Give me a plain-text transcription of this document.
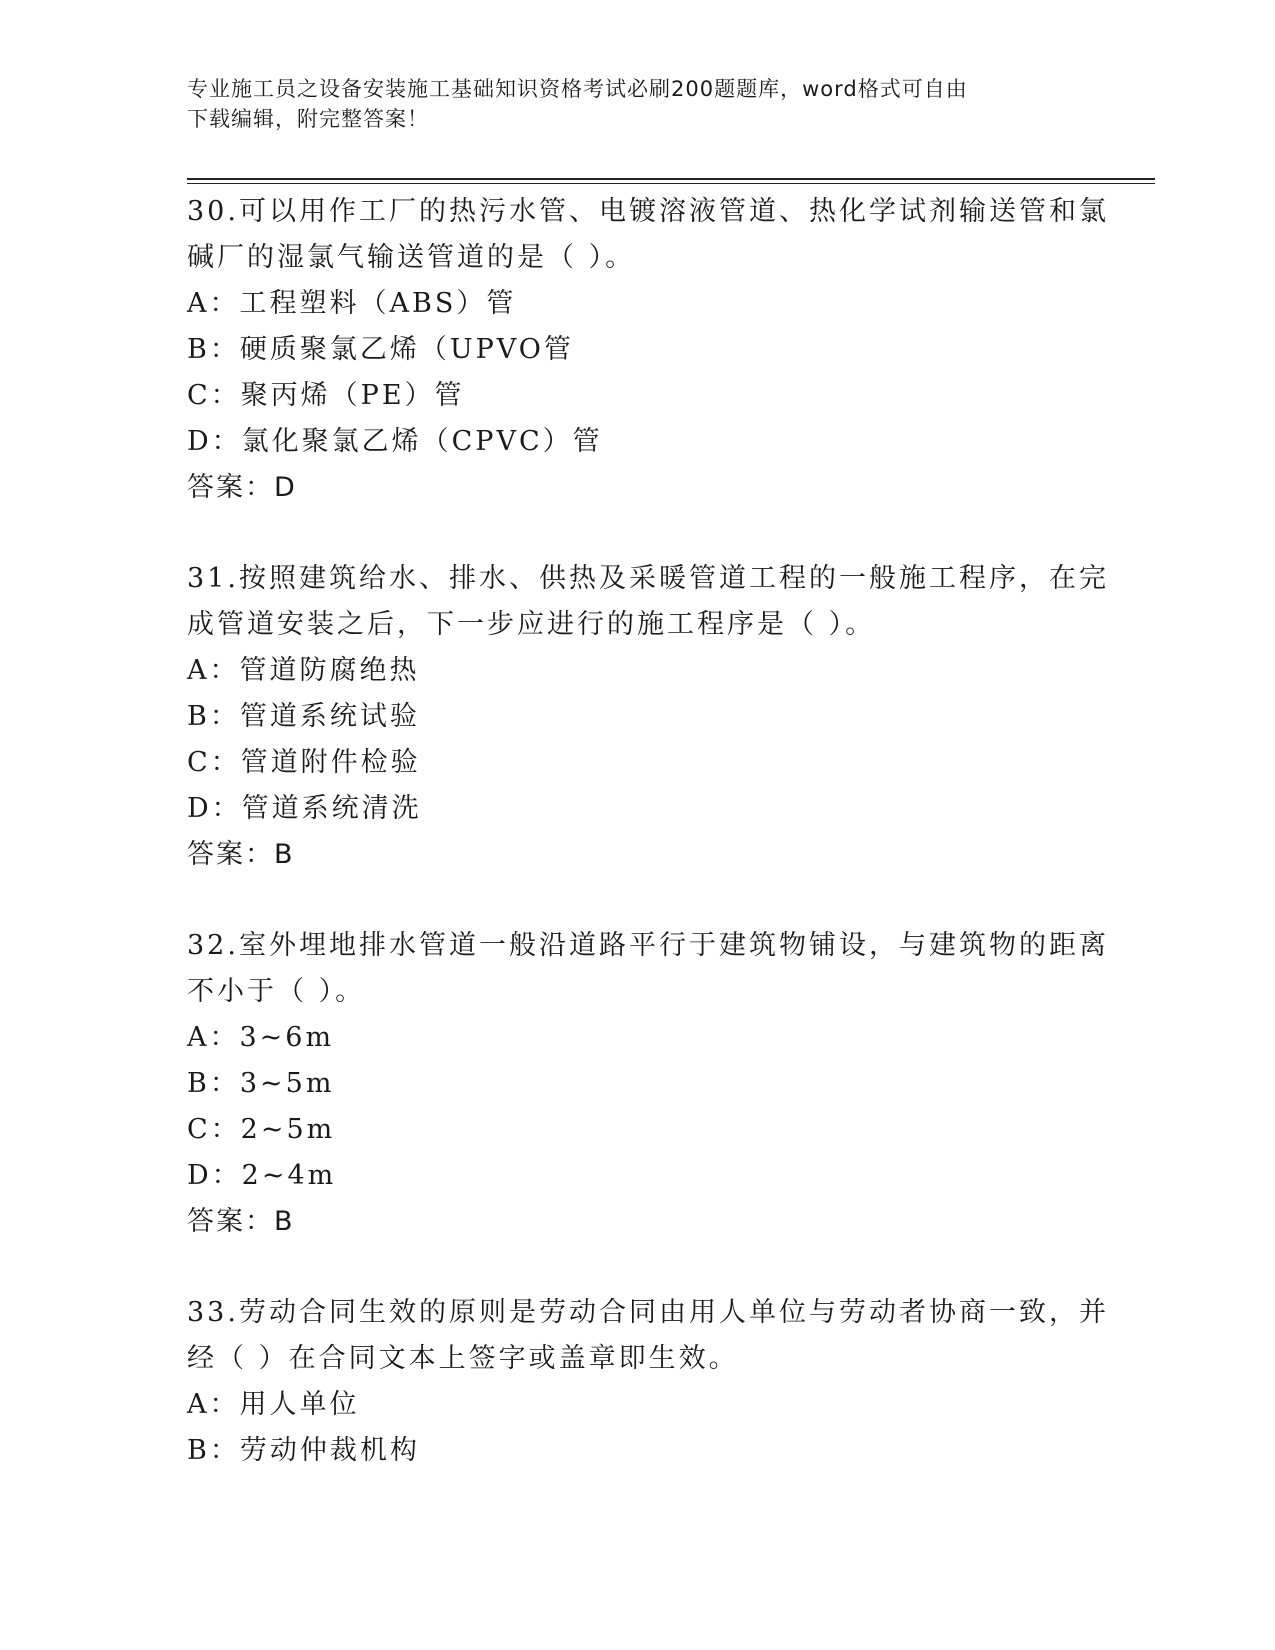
专业施工员之设备安装施工基础知识资格考试必刷200题题库，word格式可自由
下载编辑，附完整答案！
30.可以用作工厂的热污水管、电镀溶液管道、热化学试剂输送管和氯
碱厂的湿氯气输送管道的是（ ）。
A：工程塑料（ABS）管
B：硬质聚氯乙烯（UPVO管
C：聚丙烯（PE）管
D：氯化聚氯乙烯（CPVC）管
答案：D
31.按照建筑给水、排水、供热及采暖管道工程的一般施工程序，在完
成管道安装之后，下一步应进行的施工程序是（ ）。
A：管道防腐绝热
B：管道系统试验
C：管道附件检验
D：管道系统清洗
答案：B
32.室外埋地排水管道一般沿道路平行于建筑物铺设，与建筑物的距离
不小于（ ）。
A：3~6m
B：3~5m
C：2~5m
D：2~4m
答案：B
33.劳动合同生效的原则是劳动合同由用人单位与劳动者协商一致，并
经（ ）在合同文本上签字或盖章即生效。
A：用人单位
B：劳动仲裁机构
